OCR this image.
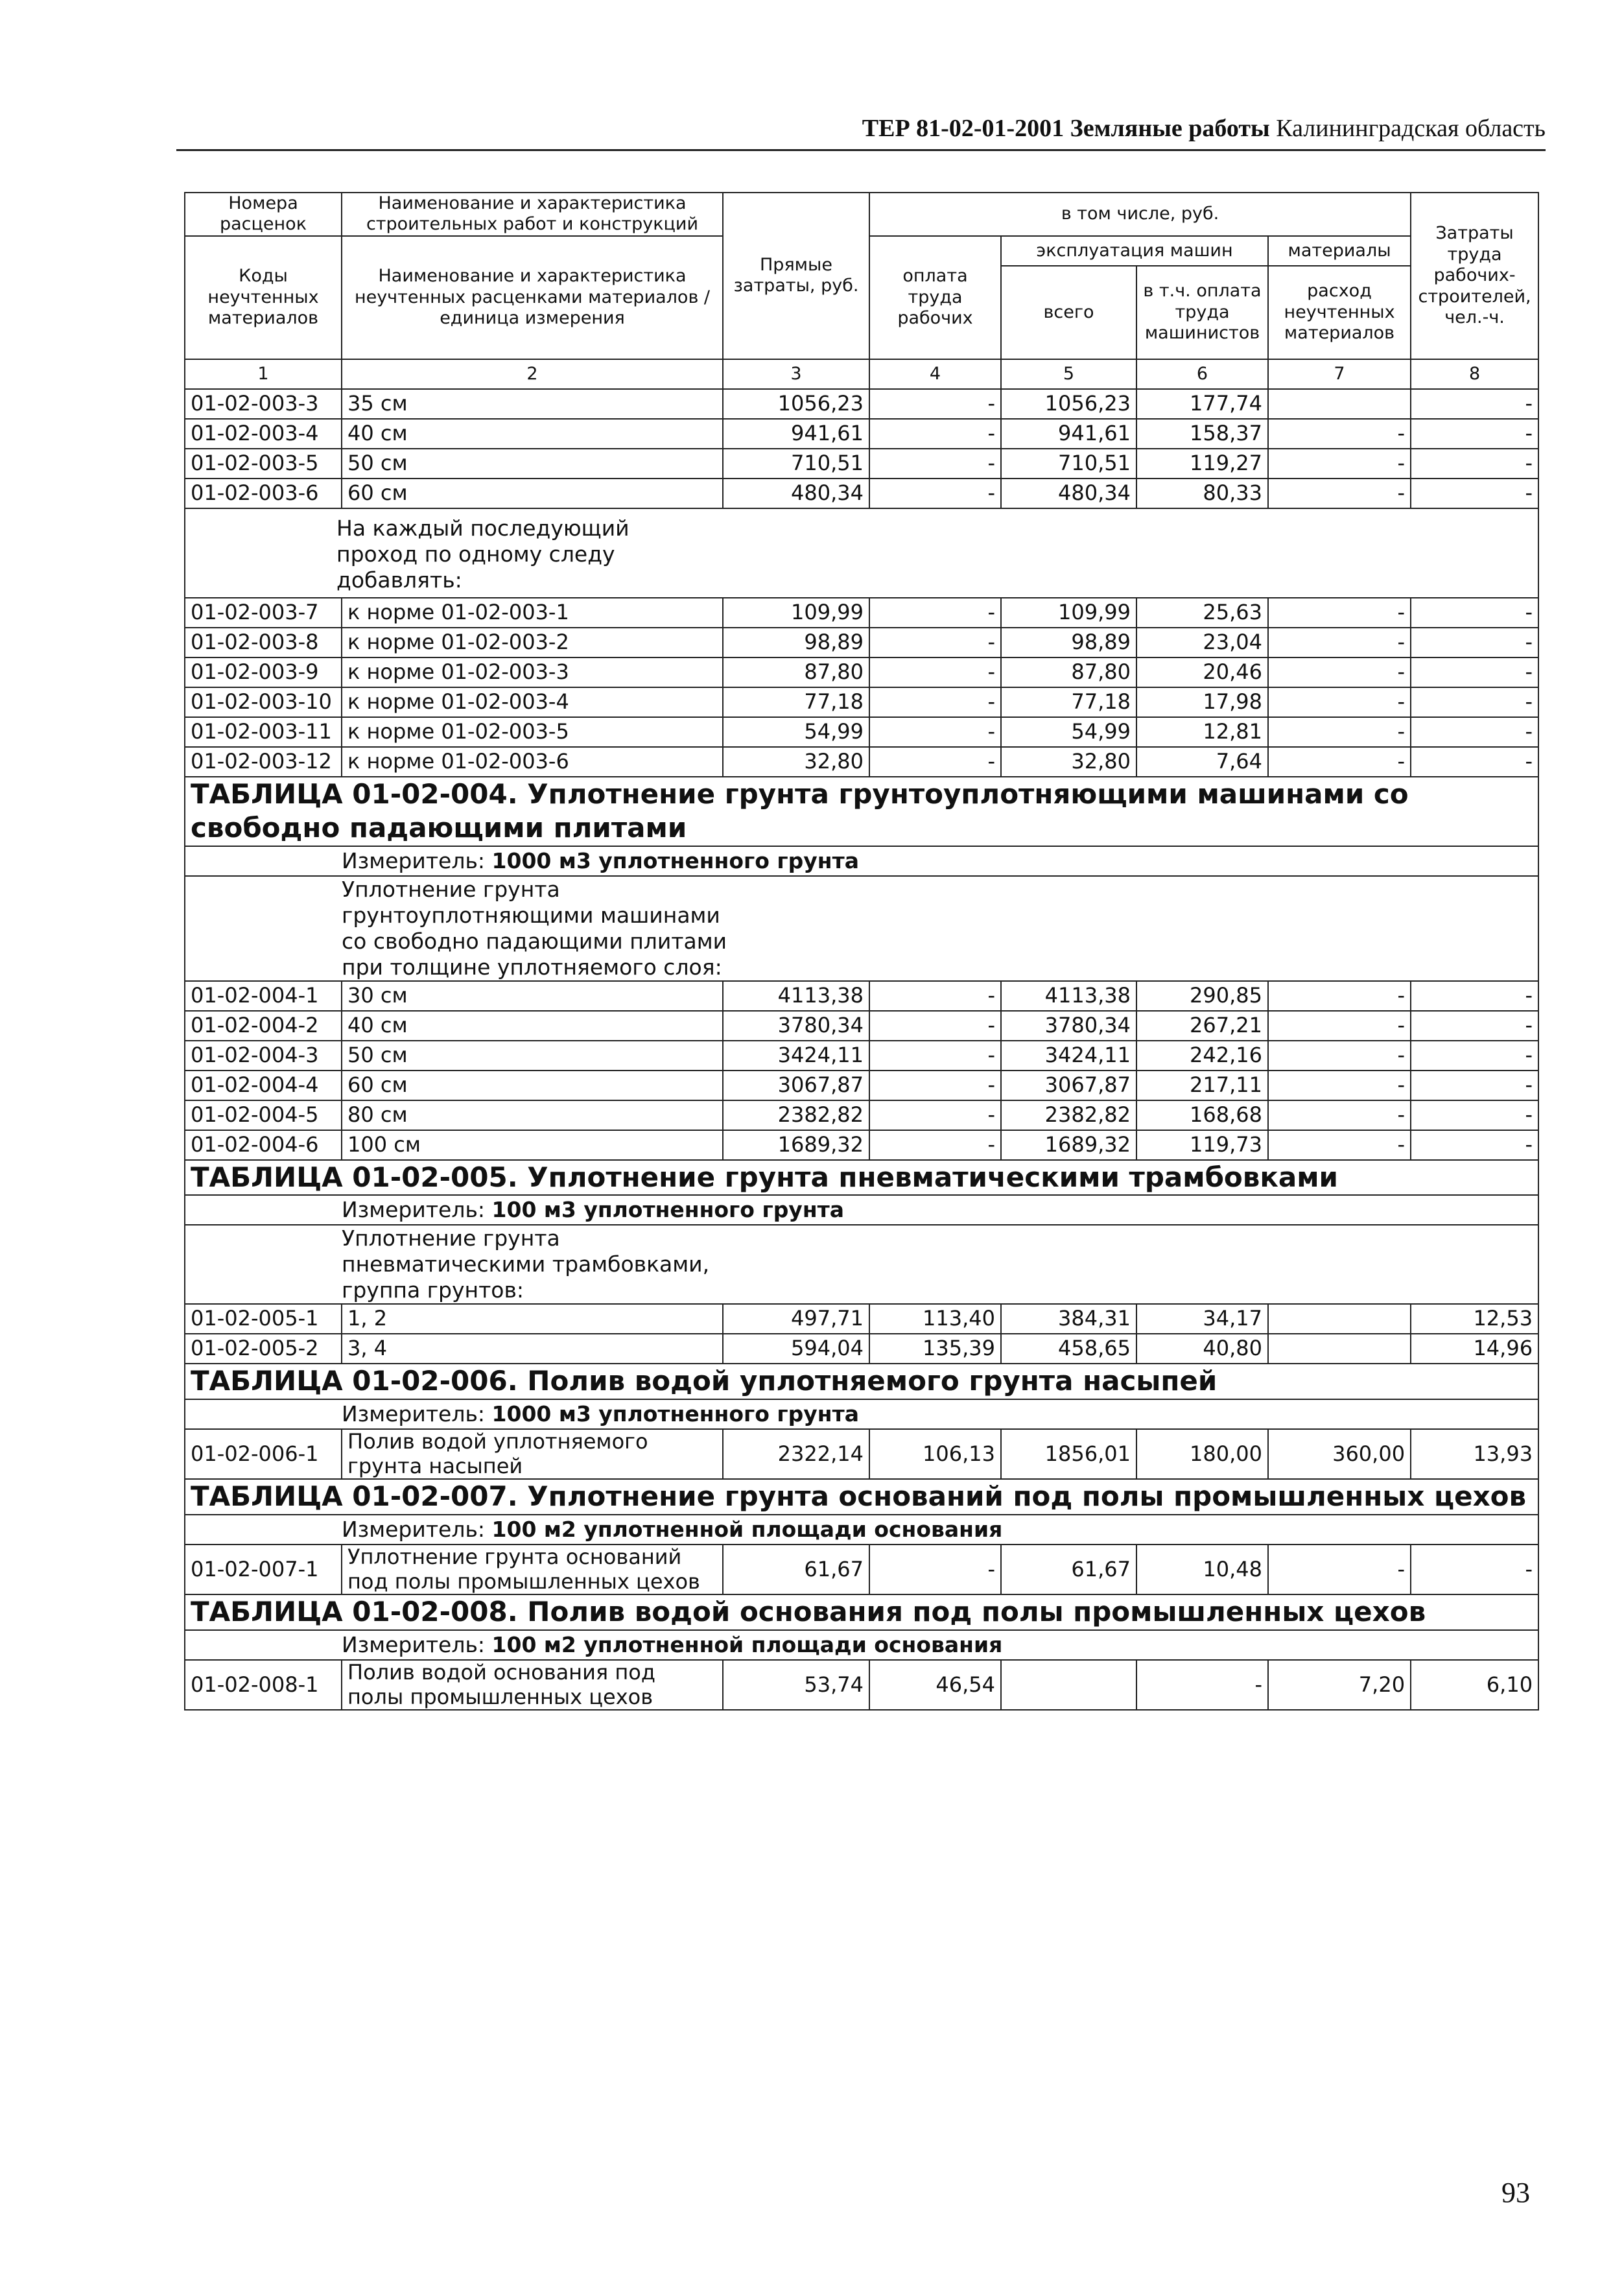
ТЕР 81-02-01-2001 Земляные работы Калининградская область
Номера расценок	Наименование и характеристика строительных работ и конструкций	Прямые затраты, руб.	в том числе, руб.				Затраты труда рабочих-строителей, чел.-ч.
Коды неучтенных материалов	Наименование и характеристика неучтенных расценками материалов / единица измерения		оплата труда рабочих	эксплуатация машин		материалы	
				всего	в т.ч. оплата труда машинистов	расход неучтенных материалов	
1	2	3	4	5	6	7	8
01-02-003-3	35 см	1056,23	-	1056,23	177,74		-
01-02-003-4	40 см	941,61	-	941,61	158,37	-	-
01-02-003-5	50 см	710,51	-	710,51	119,27	-	-
01-02-003-6	60 см	480,34	-	480,34	80,33	-	-

На каждый последующий проход по одному следу добавлять:							

01-02-003-7	к норме 01-02-003-1	109,99	-	109,99	25,63	-	-
01-02-003-8	к норме 01-02-003-2	98,89	-	98,89	23,04	-	-
01-02-003-9	к норме 01-02-003-3	87,80	-	87,80	20,46	-	-
01-02-003-10	к норме 01-02-003-4	77,18	-	77,18	17,98	-	-
01-02-003-11	к норме 01-02-003-5	54,99	-	54,99	12,81	-	-
01-02-003-12	к норме 01-02-003-6	32,80	-	32,80	7,64	-	-
ТАБЛИЦА 01-02-004. Уплотнение грунта грунтоуплотняющими машинами со свободно падающими плитами							

Измеритель: 1000 м3 уплотненного грунта							

Уплотнение грунта грунтоуплотняющими машинами со свободно падающими плитами при толщине уплотняемого слоя:							

01-02-004-1	30 см	4113,38	-	4113,38	290,85	-	-
01-02-004-2	40 см	3780,34	-	3780,34	267,21	-	-
01-02-004-3	50 см	3424,11	-	3424,11	242,16	-	-
01-02-004-4	60 см	3067,87	-	3067,87	217,11	-	-
01-02-004-5	80 см	2382,82	-	2382,82	168,68	-	-
01-02-004-6	100 см	1689,32	-	1689,32	119,73	-	-
ТАБЛИЦА 01-02-005. Уплотнение грунта пневматическими трамбовками							

Измеритель: 100 м3 уплотненного грунта							

Уплотнение грунта пневматическими трамбовками, группа грунтов:							

01-02-005-1	1, 2	497,71	113,40	384,31	34,17		12,53
01-02-005-2	3, 4	594,04	135,39	458,65	40,80		14,96
ТАБЛИЦА 01-02-006. Полив водой уплотняемого грунта насыпей							

Измеритель: 1000 м3 уплотненного грунта							

01-02-006-1	Полив водой уплотняемого грунта насыпей	2322,14	106,13	1856,01	180,00	360,00	13,93
ТАБЛИЦА 01-02-007. Уплотнение грунта оснований под полы промышленных цехов							

Измеритель: 100 м2 уплотненной площади основания							

01-02-007-1	Уплотнение грунта оснований под полы промышленных цехов	61,67	-	61,67	10,48	-	-
ТАБЛИЦА 01-02-008. Полив водой основания под полы промышленных цехов							

Измеритель: 100 м2 уплотненной площади основания							

01-02-008-1	Полив водой основания под полы промышленных цехов	53,74	46,54		-	7,20	6,10
93
